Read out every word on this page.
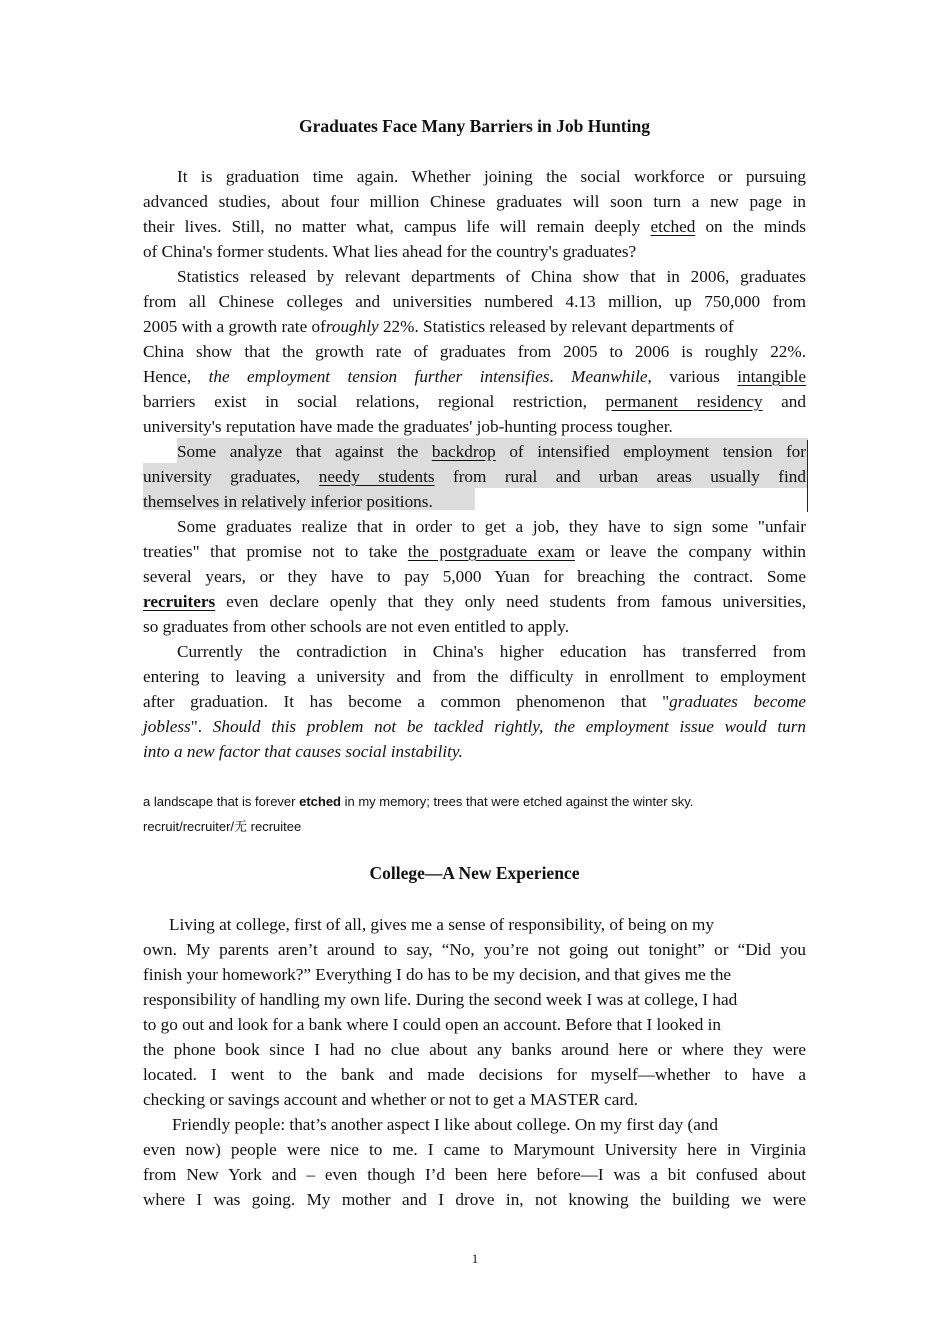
Graduates Face Many Barriers in Job Hunting
It is graduation time again. Whether joining the social workforce or pursuing
advanced studies, about four million Chinese graduates will soon turn a new page in
their lives. Still, no matter what, campus life will remain deeply etched on the minds
of China's former students. What lies ahead for the country's graduates?
Statistics released by relevant departments of China show that in 2006, graduates
from all Chinese colleges and universities numbered 4.13 million, up 750,000 from
2005 with a growth rate ofroughly 22%. Statistics released by relevant departments of
China show that the growth rate of graduates from 2005 to 2006 is roughly 22%.
Hence, the employment tension further intensifies. Meanwhile, various intangible
barriers exist in social relations, regional restriction, permanent residency and
university's reputation have made the graduates' job-hunting process tougher.
Some analyze that against the backdrop of intensified employment tension for
university graduates, needy students from rural and urban areas usually find
themselves in relatively inferior positions.
Some graduates realize that in order to get a job, they have to sign some "unfair
treaties" that promise not to take the postgraduate exam or leave the company within
several years, or they have to pay 5,000 Yuan for breaching the contract. Some
recruiters even declare openly that they only need students from famous universities,
so graduates from other schools are not even entitled to apply.
Currently the contradiction in China's higher education has transferred from
entering to leaving a university and from the difficulty in enrollment to employment
after graduation. It has become a common phenomenon that "graduates become
jobless". Should this problem not be tackled rightly, the employment issue would turn
into a new factor that causes social instability.
a landscape that is forever etched in my memory; trees that were etched against the winter sky.
recruit/recruiter/无 recruitee
College—A New Experience
Living at college, first of all, gives me a sense of responsibility, of being on my
own. My parents aren’t around to say, “No, you’re not going out tonight” or “Did you
finish your homework?” Everything I do has to be my decision, and that gives me the
responsibility of handling my own life. During the second week I was at college, I had
to go out and look for a bank where I could open an account. Before that I looked in
the phone book since I had no clue about any banks around here or where they were
located. I went to the bank and made decisions for myself—whether to have a
checking or savings account and whether or not to get a MASTER card.
Friendly people: that’s another aspect I like about college. On my first day (and
even now) people were nice to me. I came to Marymount University here in Virginia
from New York and – even though I’d been here before—I was a bit confused about
where I was going. My mother and I drove in, not knowing the building we were
1
